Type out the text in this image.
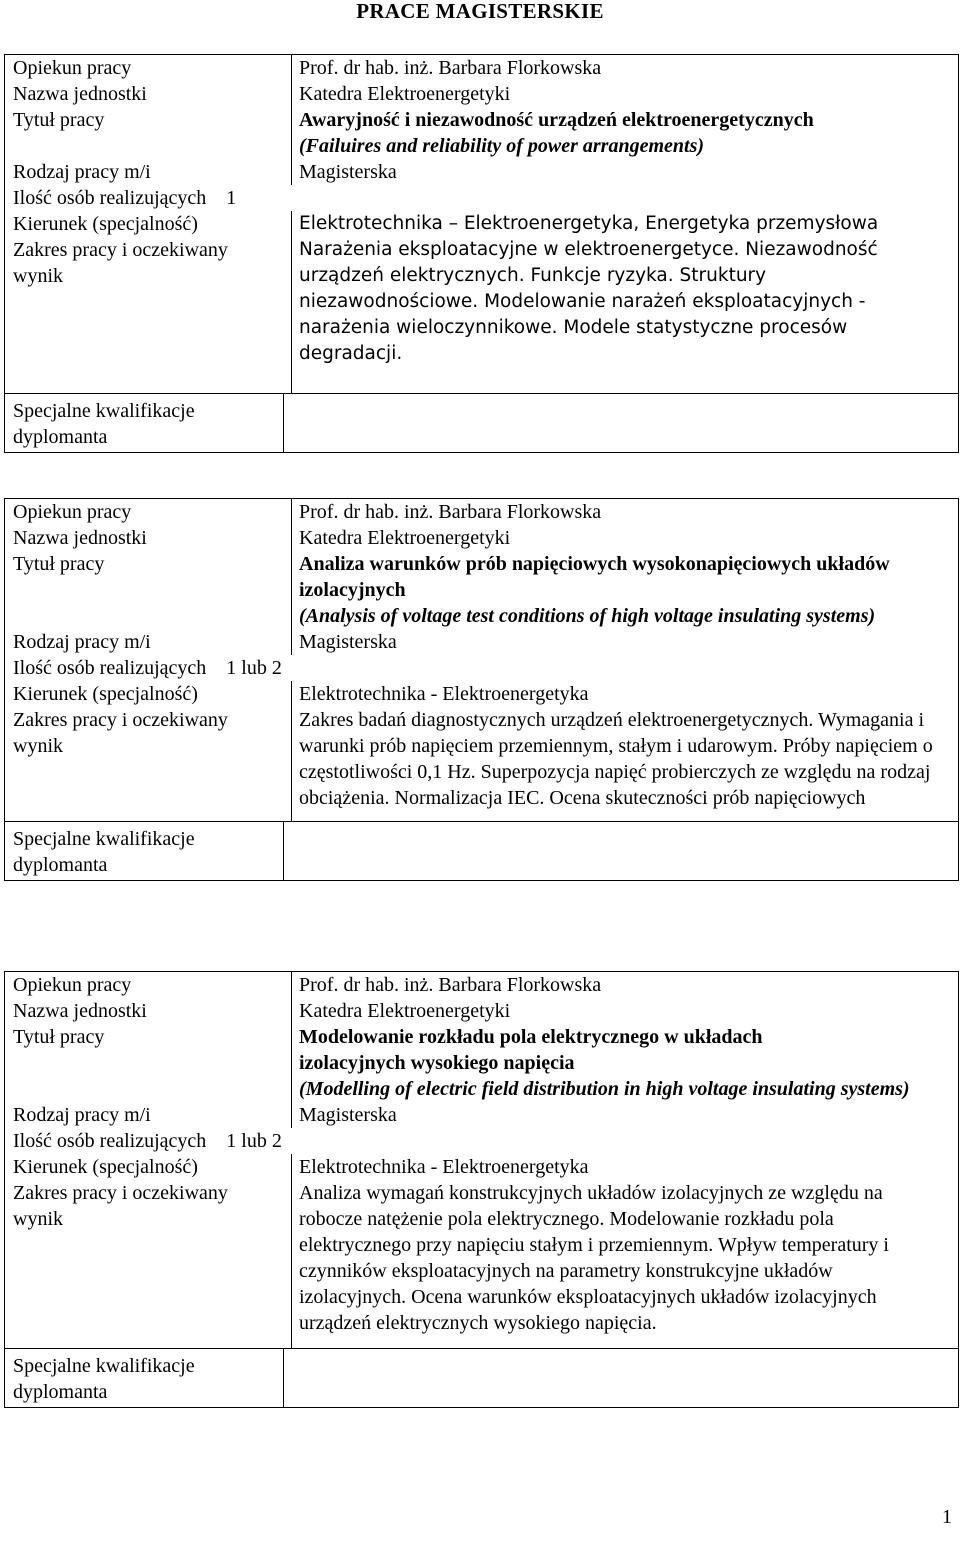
PRACE MAGISTERSKIE
Opiekun pracy	Prof. dr hab. inż. Barbara Florkowska
Nazwa jednostki	Katedra Elektroenergetyki
Tytuł pracy	Awaryjność i niezawodność urządzeń elektroenergetycznych
(Failuires and reliability of power arrangements)
Rodzaj pracy m/i	Magisterska
Ilość osób realizujących 1
Kierunek (specjalność)	Elektrotechnika – Elektroenergetyka, Energetyka przemysłowa
Zakres pracy i oczekiwany wynik
Narażenia eksploatacyjne w elektroenergetyce. Niezawodność urządzeń elektrycznych. Funkcje ryzyka. Struktury niezawodnościowe. Modelowanie narażeń eksploatacyjnych - narażenia wieloczynnikowe. Modele statystyczne procesów degradacji.
Specjalne kwalifikacje dyplomanta
Opiekun pracy	Prof. dr hab. inż. Barbara Florkowska
Nazwa jednostki	Katedra Elektroenergetyki
Tytuł pracy	Analiza warunków prób napięciowych wysokonapięciowych układów izolacyjnych
(Analysis of voltage test conditions of high voltage insulating systems)
Rodzaj pracy m/i	Magisterska
Ilość osób realizujących 1 lub 2
Kierunek (specjalność)	Elektrotechnika - Elektroenergetyka
Zakres pracy i oczekiwany wynik
Zakres badań diagnostycznych urządzeń elektroenergetycznych. Wymagania i warunki prób napięciem przemiennym, stałym i udarowym. Próby napięciem o częstotliwości 0,1 Hz. Superpozycja napięć probierczych ze względu na rodzaj obciążenia. Normalizacja IEC. Ocena skuteczności prób napięciowych
Specjalne kwalifikacje dyplomanta
Opiekun pracy	Prof. dr hab. inż. Barbara Florkowska
Nazwa jednostki	Katedra Elektroenergetyki
Tytuł pracy	Modelowanie rozkładu pola elektrycznego w układach izolacyjnych wysokiego napięcia
(Modelling of electric field distribution in high voltage insulating systems)
Rodzaj pracy m/i	Magisterska
Ilość osób realizujących 1 lub 2
Kierunek (specjalność)	Elektrotechnika - Elektroenergetyka
Zakres pracy i oczekiwany wynik
Analiza wymagań konstrukcyjnych układów izolacyjnych ze względu na robocze natężenie pola elektrycznego. Modelowanie rozkładu pola elektrycznego przy napięciu stałym i przemiennym. Wpływ temperatury i czynników eksploatacyjnych na parametry konstrukcyjne układów izolacyjnych. Ocena warunków eksploatacyjnych układów izolacyjnych urządzeń elektrycznych wysokiego napięcia.
Specjalne kwalifikacje dyplomanta
1
